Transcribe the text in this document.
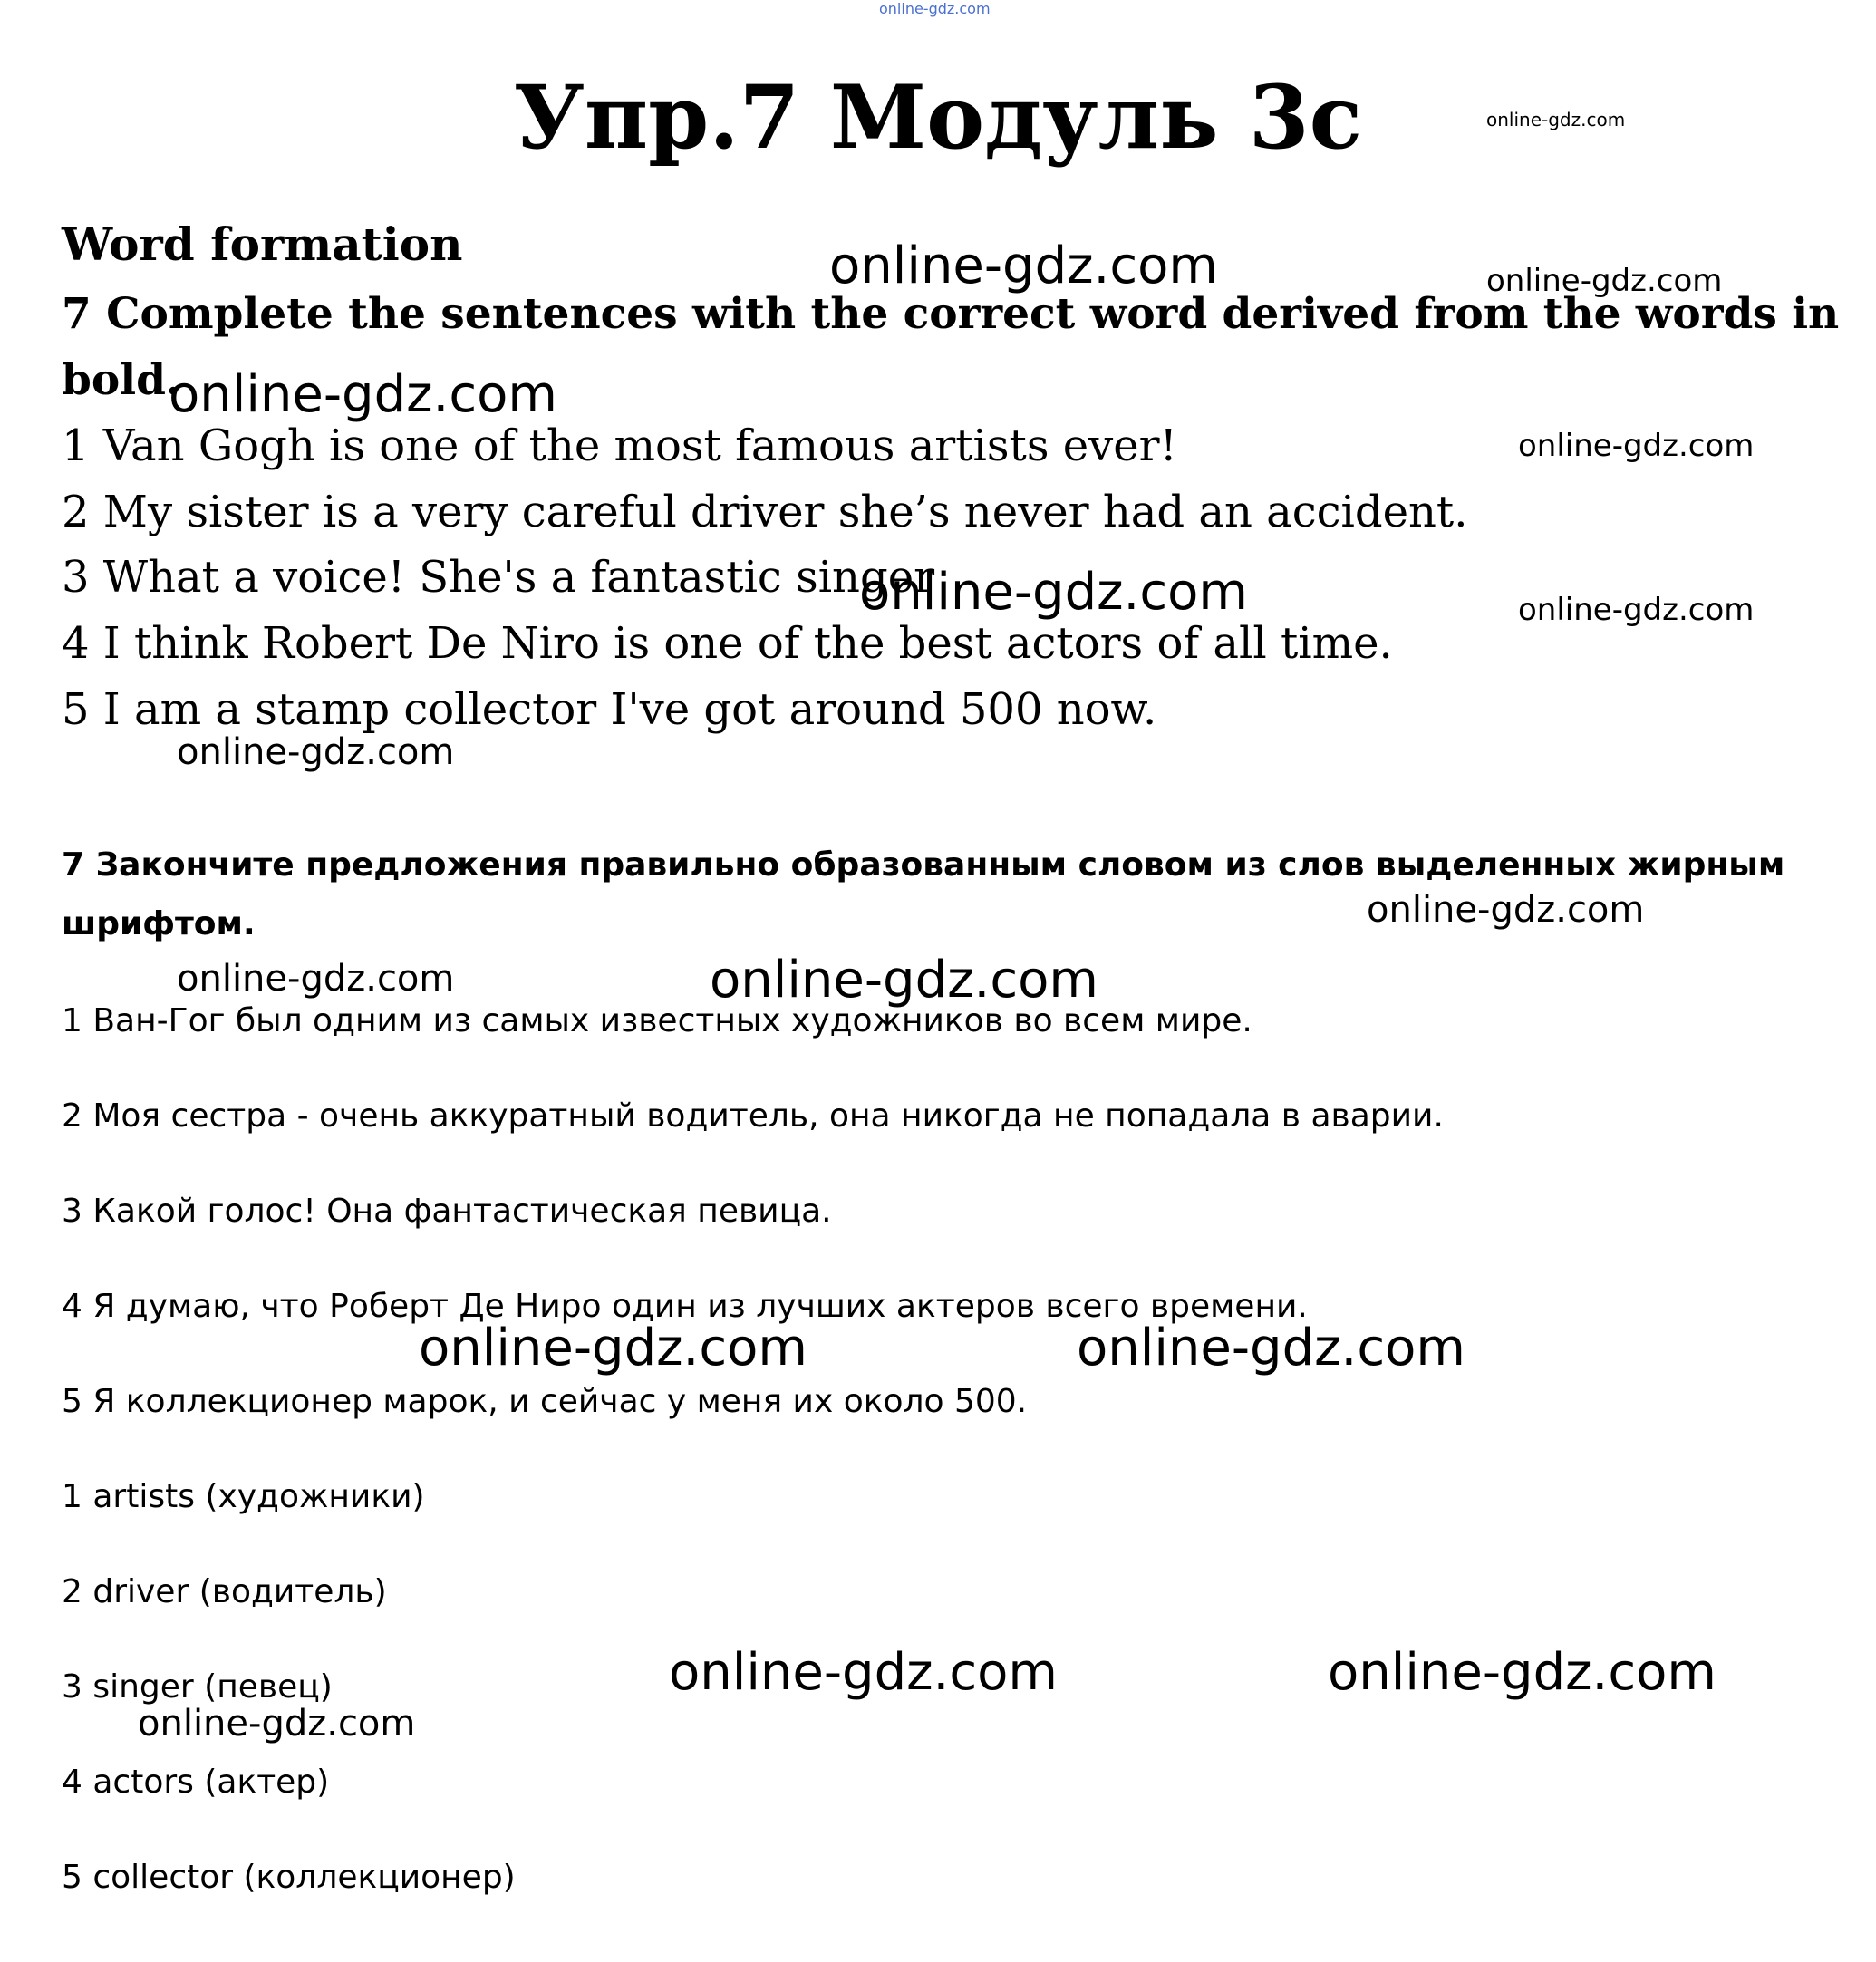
online-gdz.com
Упр.7 Модуль 3с	online-gdz.com
Word formation	online-gdz.com	online-gdz.com
7 Complete the sentences with the correct word derived from the words in
bold.
online-gdz.com
1 Van Gogh is one of the most famous artists ever!	online-gdz.com
2 My sister is a very careful driver she’s never had an accident.
3 What a voice! She's a fantastic singer
online-gdz.com	online-gdz.com
4 I think Robert De Niro is one of the best actors of all time.
5 I am a stamp collector I've got around 500 now.
online-gdz.com
7 Закончите предложения правильно образованным словом из слов выделенных жирным
шрифтом.	online-gdz.com
online-gdz.com	online-gdz.com
1 Ван-Гог был одним из самых известных художников во всем мире.
2 Моя сестра - очень аккуратный водитель, она никогда не попадала в аварии.
3 Какой голос! Она фантастическая певица.
4 Я думаю, что Роберт Де Ниро один из лучших актеров всего времени.
online-gdz.com	online-gdz.com
5 Я коллекционер марок, и сейчас у меня их около 500.
1 artists (художники)
2 driver (водитель)
3 singer (певец)	online-gdz.com	online-gdz.com
online-gdz.com
4 actors (актер)
5 collector (коллекционер)
